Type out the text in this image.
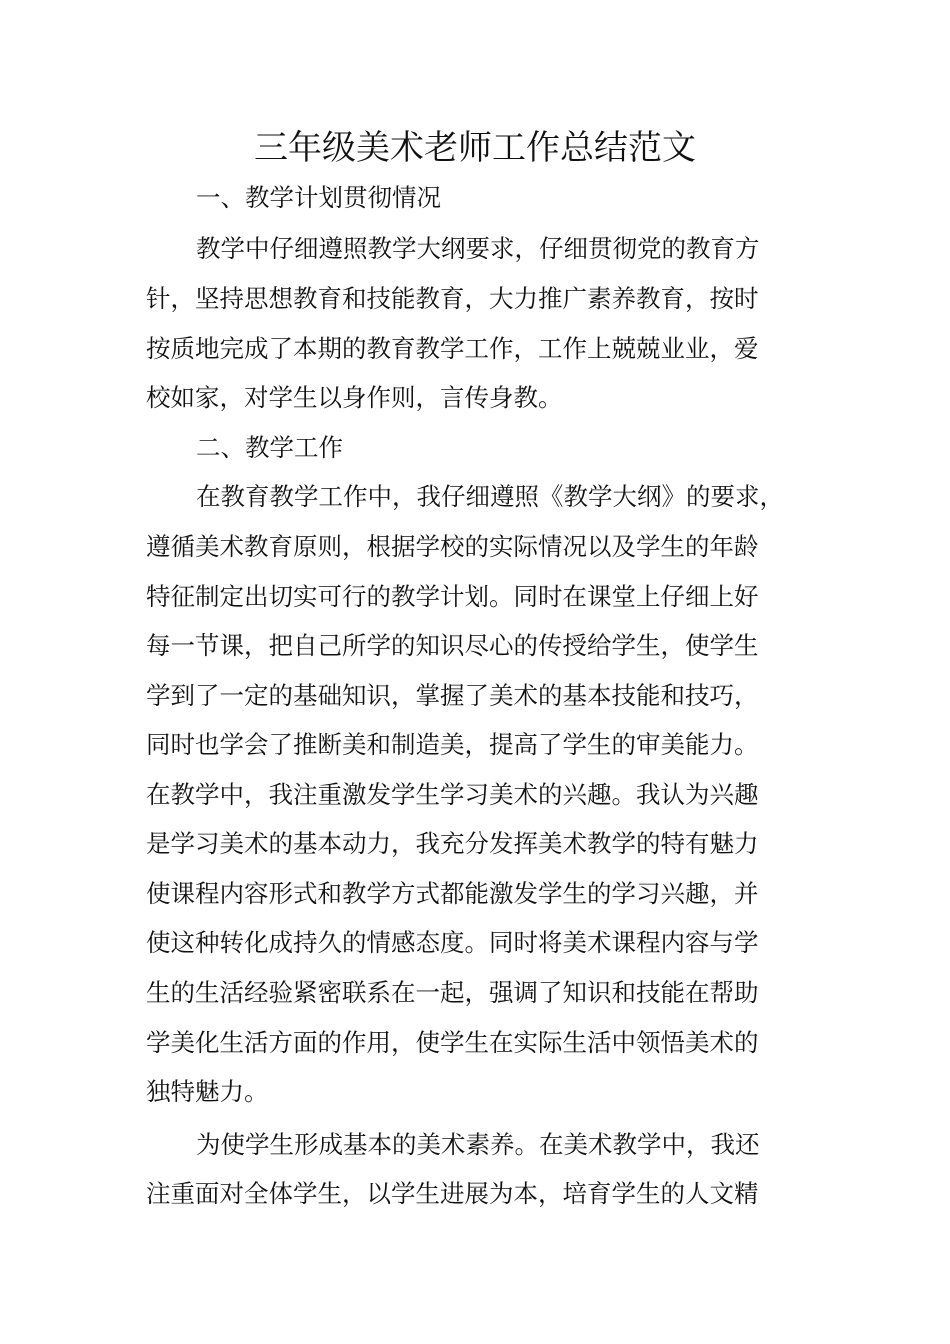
三年级美术老师工作总结范文
一、教学计划贯彻情况
教学中仔细遵照教学大纲要求，仔细贯彻党的教育方
针，坚持思想教育和技能教育，大力推广素养教育，按时
按质地完成了本期的教育教学工作，工作上兢兢业业，爱
校如家，对学生以身作则，言传身教。
二、教学工作
在教育教学工作中，我仔细遵照《教学大纲》的要求，
遵循美术教育原则，根据学校的实际情况以及学生的年龄
特征制定出切实可行的教学计划。同时在课堂上仔细上好
每一节课，把自己所学的知识尽心的传授给学生，使学生
学到了一定的基础知识，掌握了美术的基本技能和技巧，
同时也学会了推断美和制造美，提高了学生的审美能力。
在教学中，我注重激发学生学习美术的兴趣。我认为兴趣
是学习美术的基本动力，我充分发挥美术教学的特有魅力
使课程内容形式和教学方式都能激发学生的学习兴趣，并
使这种转化成持久的情感态度。同时将美术课程内容与学
生的生活经验紧密联系在一起，强调了知识和技能在帮助
学美化生活方面的作用，使学生在实际生活中领悟美术的
独特魅力。
为使学生形成基本的美术素养。在美术教学中，我还
注重面对全体学生，以学生进展为本，培育学生的人文精
